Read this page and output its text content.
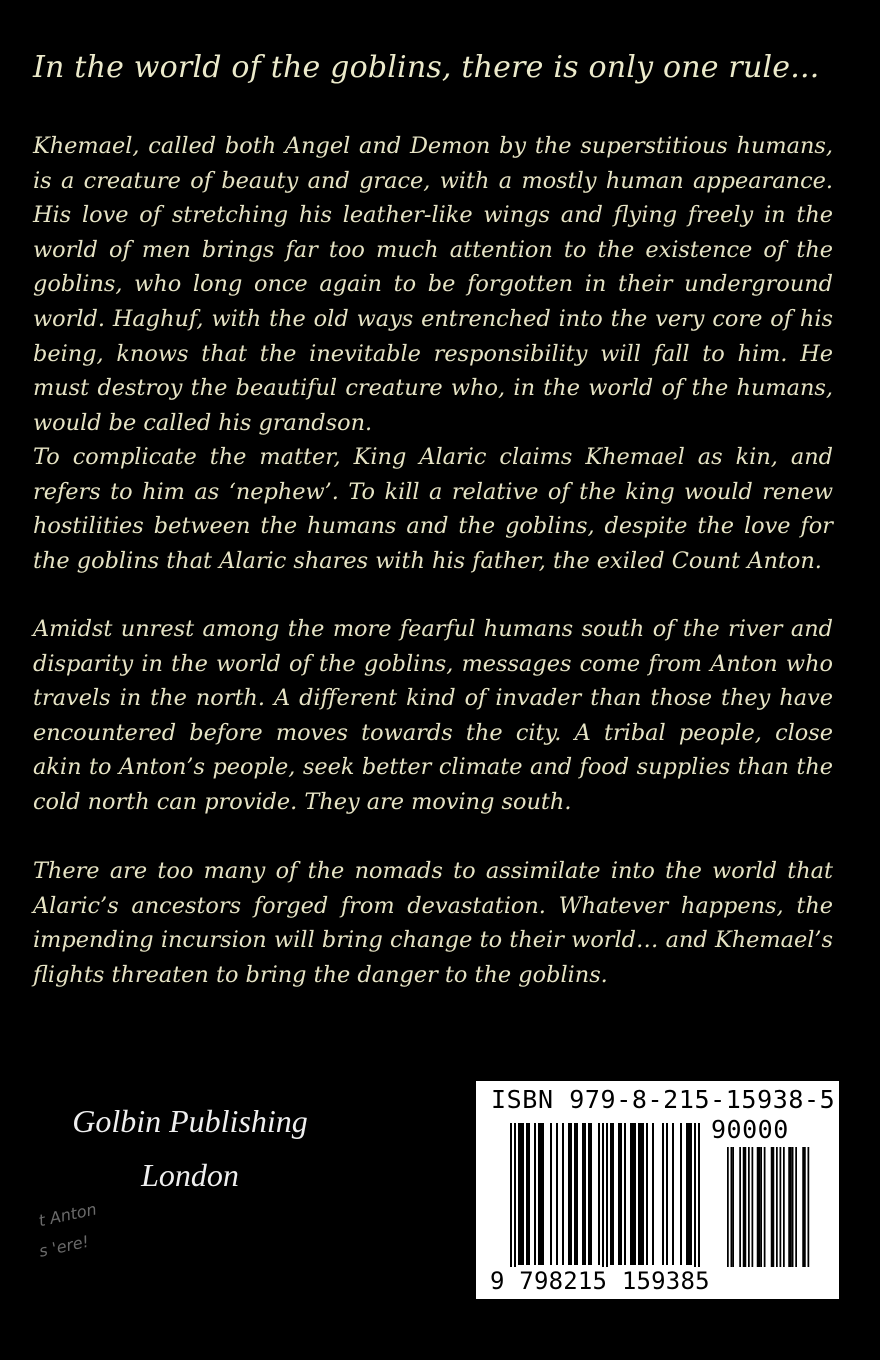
In the world of the goblins, there is only one rule...

Khemael, called both Angel and Demon by the superstitious humans, is a creature of beauty and grace, with a mostly human appearance. His love of stretching his leather-like wings and flying freely in the world of men brings far too much attention to the existence of the goblins, who long once again to be forgotten in their underground world. Haghuf, with the old ways entrenched into the very core of his being, knows that the inevitable responsibility will fall to him. He must destroy the beautiful creature who, in the world of the humans, would be called his grandson.

To complicate the matter, King Alaric claims Khemael as kin, and refers to him as ‘nephew’. To kill a relative of the king would renew hostilities between the humans and the goblins, despite the love for the goblins that Alaric shares with his father, the exiled Count Anton.

Amidst unrest among the more fearful humans south of the river and disparity in the world of the goblins, messages come from Anton who travels in the north. A different kind of invader than those they have encountered before moves towards the city. A tribal people, close akin to Anton’s people, seek better climate and food supplies than the cold north can provide. They are moving south.

There are too many of the nomads to assimilate into the world that Alaric’s ancestors forged from devastation. Whatever happens, the impending incursion will bring change to their world… and Khemael’s flights threaten to bring the danger to the goblins.

Golbin Publishing
London
t Anton
s 'ere!
ISBN 979-8-215-15938-5
90000
9 798215 159385
